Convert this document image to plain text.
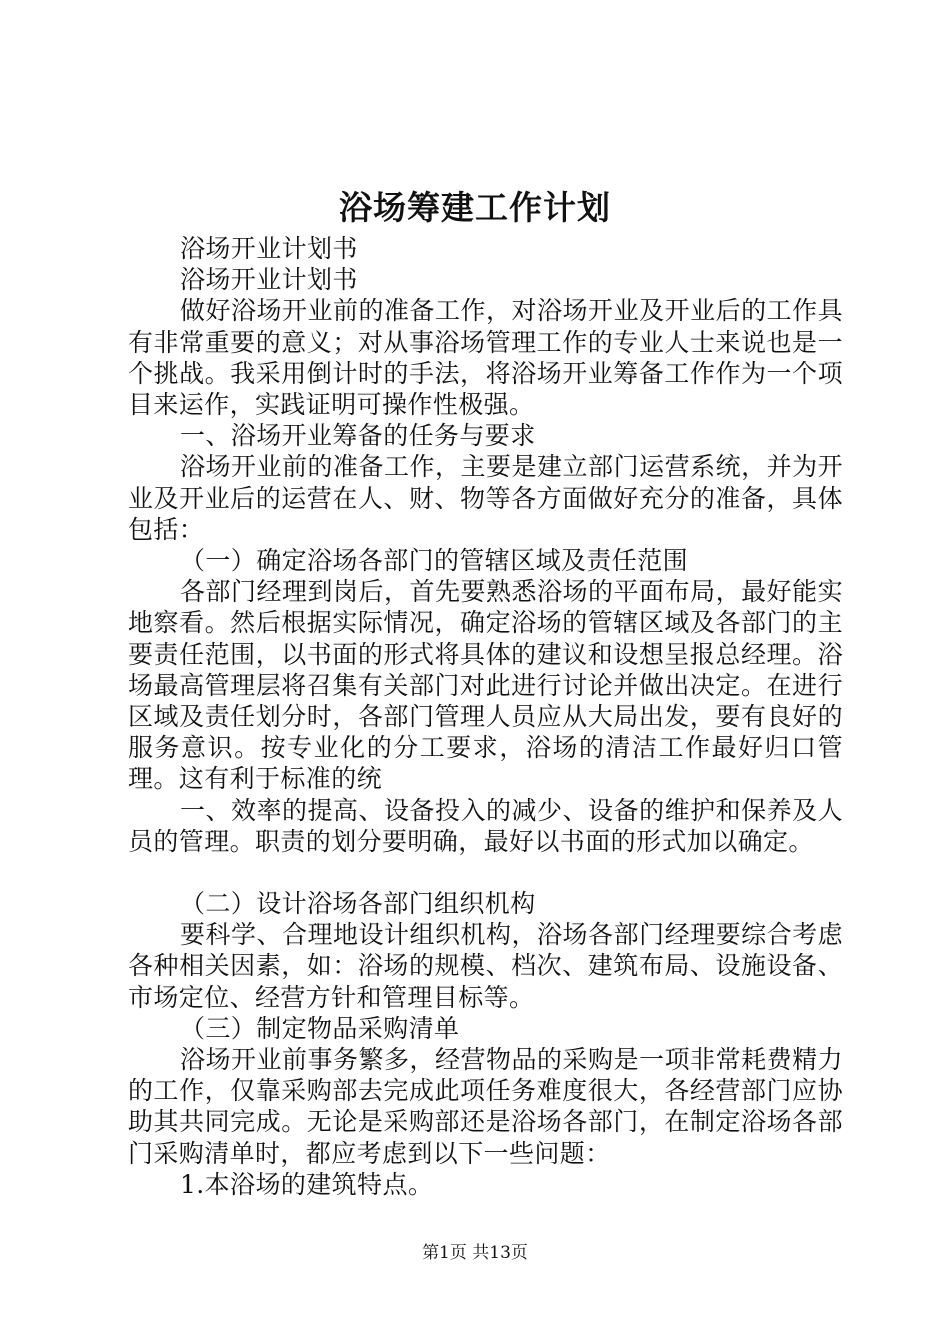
浴场筹建工作计划

浴场开业计划书

浴场开业计划书

做好浴场开业前的准备工作，对浴场开业及开业后的工作具有非常重要的意义；对从事浴场管理工作的专业人士来说也是一个挑战。我采用倒计时的手法，将浴场开业筹备工作作为一个项目来运作，实践证明可操作性极强。

一、浴场开业筹备的任务与要求

浴场开业前的准备工作，主要是建立部门运营系统，并为开业及开业后的运营在人、财、物等各方面做好充分的准备，具体包括：

（一）确定浴场各部门的管辖区域及责任范围

各部门经理到岗后，首先要熟悉浴场的平面布局，最好能实地察看。然后根据实际情况，确定浴场的管辖区域及各部门的主要责任范围，以书面的形式将具体的建议和设想呈报总经理。浴场最高管理层将召集有关部门对此进行讨论并做出决定。在进行区域及责任划分时，各部门管理人员应从大局出发，要有良好的服务意识。按专业化的分工要求，浴场的清洁工作最好归口管理。这有利于标准的统

一、效率的提高、设备投入的减少、设备的维护和保养及人员的管理。职责的划分要明确，最好以书面的形式加以确定。

（二）设计浴场各部门组织机构

要科学、合理地设计组织机构，浴场各部门经理要综合考虑各种相关因素，如：浴场的规模、档次、建筑布局、设施设备、市场定位、经营方针和管理目标等。

（三）制定物品采购清单

浴场开业前事务繁多，经营物品的采购是一项非常耗费精力的工作，仅靠采购部去完成此项任务难度很大，各经营部门应协助其共同完成。无论是采购部还是浴场各部门，在制定浴场各部门采购清单时，都应考虑到以下一些问题：

1.本浴场的建筑特点。

第1页 共13页
